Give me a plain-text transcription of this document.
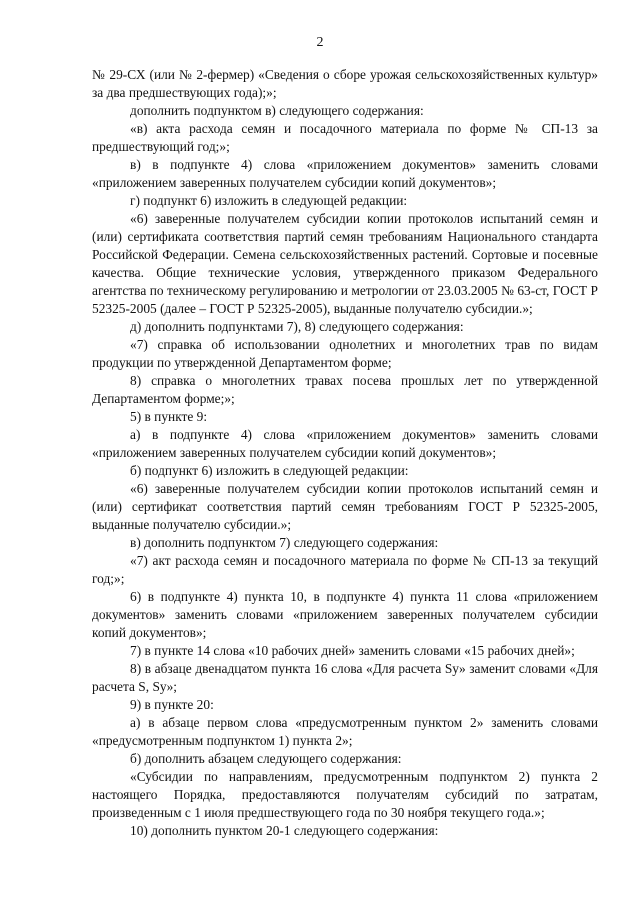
2

№ 29-СХ (или № 2-фермер) «Сведения о сборе урожая сельскохозяйственных культур» за два предшествующих года);»;

дополнить подпунктом в) следующего содержания:

«в) акта расхода семян и посадочного материала по форме № СП-13 за предшествующий год;»;

в) в подпункте 4) слова «приложением документов» заменить словами «приложением заверенных получателем субсидии копий документов»;

г) подпункт 6) изложить в следующей редакции:

«6) заверенные получателем субсидии копии протоколов испытаний семян и (или) сертификата соответствия партий семян требованиям Национального стандарта Российской Федерации. Семена сельскохозяйственных растений. Сортовые и посевные качества. Общие технические условия, утвержденного приказом Федерального агентства по техническому регулированию и метрологии от 23.03.2005 № 63-ст, ГОСТ Р 52325-2005 (далее – ГОСТ Р 52325-2005), выданные получателю субсидии.»;

д) дополнить подпунктами 7), 8) следующего содержания:

«7) справка об использовании однолетних и многолетних трав по видам продукции по утвержденной Департаментом форме;

8) справка о многолетних травах посева прошлых лет по утвержденной Департаментом форме;»;

5) в пункте 9:

а) в подпункте 4) слова «приложением документов» заменить словами «приложением заверенных получателем субсидии копий документов»;

б) подпункт 6) изложить в следующей редакции:

«6) заверенные получателем субсидии копии протоколов испытаний семян и (или) сертификат соответствия партий семян требованиям ГОСТ Р 52325-2005, выданные получателю субсидии.»;

в) дополнить подпунктом 7) следующего содержания:

«7) акт расхода семян и посадочного материала по форме № СП-13 за текущий год;»;

6) в подпункте 4) пункта 10, в подпункте 4) пункта 11 слова «приложением документов» заменить словами «приложением заверенных получателем субсидии копий документов»;

7) в пункте 14 слова «10 рабочих дней» заменить словами «15 рабочих дней»;

8) в абзаце двенадцатом пункта 16 слова «Для расчета Sy» заменит словами «Для расчета S, Sy»;

9) в пункте 20:

а) в абзаце первом слова «предусмотренным пунктом 2» заменить словами «предусмотренным подпунктом 1) пункта 2»;

б) дополнить абзацем следующего содержания:

«Субсидии по направлениям, предусмотренным подпунктом 2) пункта 2 настоящего Порядка, предоставляются получателям субсидий по затратам, произведенным с 1 июля предшествующего года по 30 ноября текущего года.»;

10) дополнить пунктом 20-1 следующего содержания:
